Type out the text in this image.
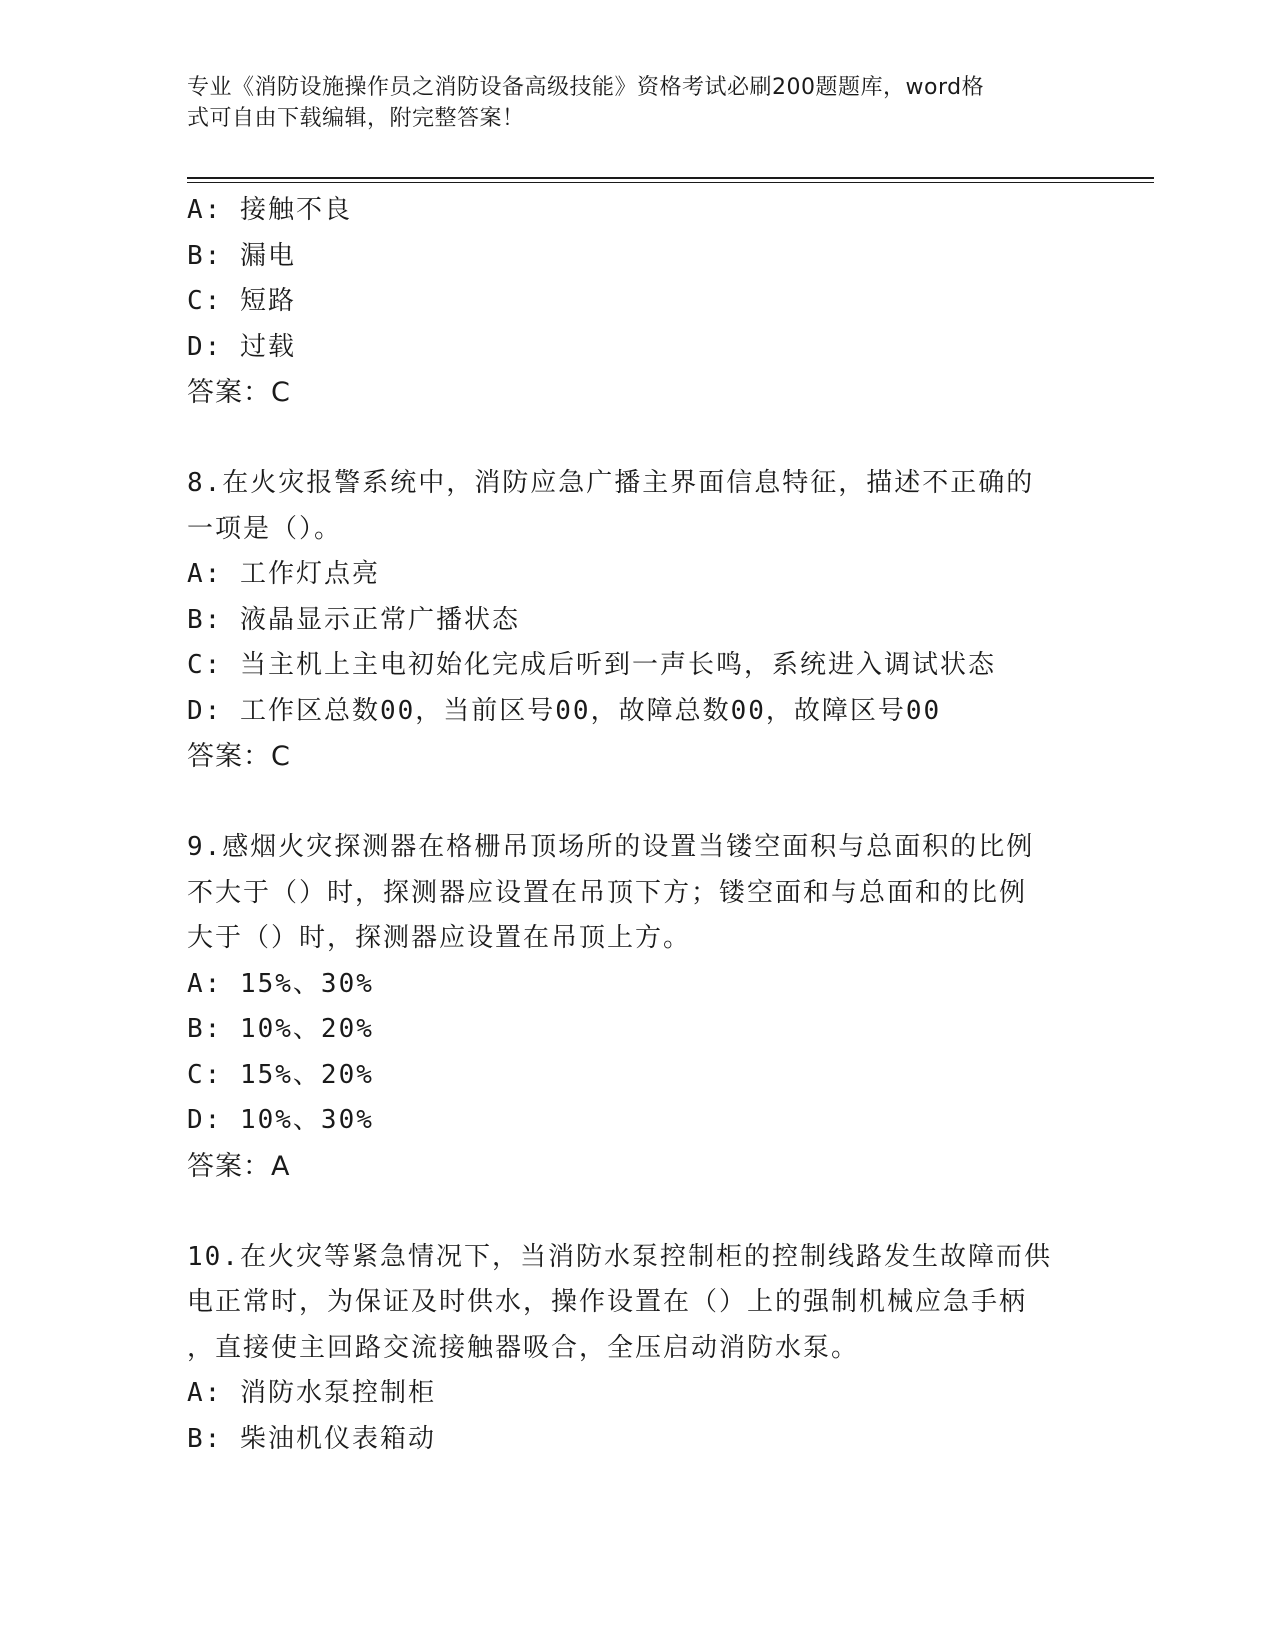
专业《消防设施操作员之消防设备高级技能》资格考试必刷200题题库，word格
式可自由下载编辑，附完整答案！
A: 接触不良
B: 漏电
C: 短路
D: 过载
答案：C
8.在火灾报警系统中，消防应急广播主界面信息特征，描述不正确的
一项是（）。
A: 工作灯点亮
B: 液晶显示正常广播状态
C: 当主机上主电初始化完成后听到一声长鸣，系统进入调试状态
D: 工作区总数00，当前区号00，故障总数00，故障区号00
答案：C
9.感烟火灾探测器在格栅吊顶场所的设置当镂空面积与总面积的比例
不大于（）时，探测器应设置在吊顶下方；镂空面和与总面和的比例
大于（）时，探测器应设置在吊顶上方。
A: 15%、30%
B: 10%、20%
C: 15%、20%
D: 10%、30%
答案：A
10.在火灾等紧急情况下，当消防水泵控制柜的控制线路发生故障而供
电正常时，为保证及时供水，操作设置在（）上的强制机械应急手柄
，直接使主回路交流接触器吸合，全压启动消防水泵。
A: 消防水泵控制柜
B: 柴油机仪表箱动
